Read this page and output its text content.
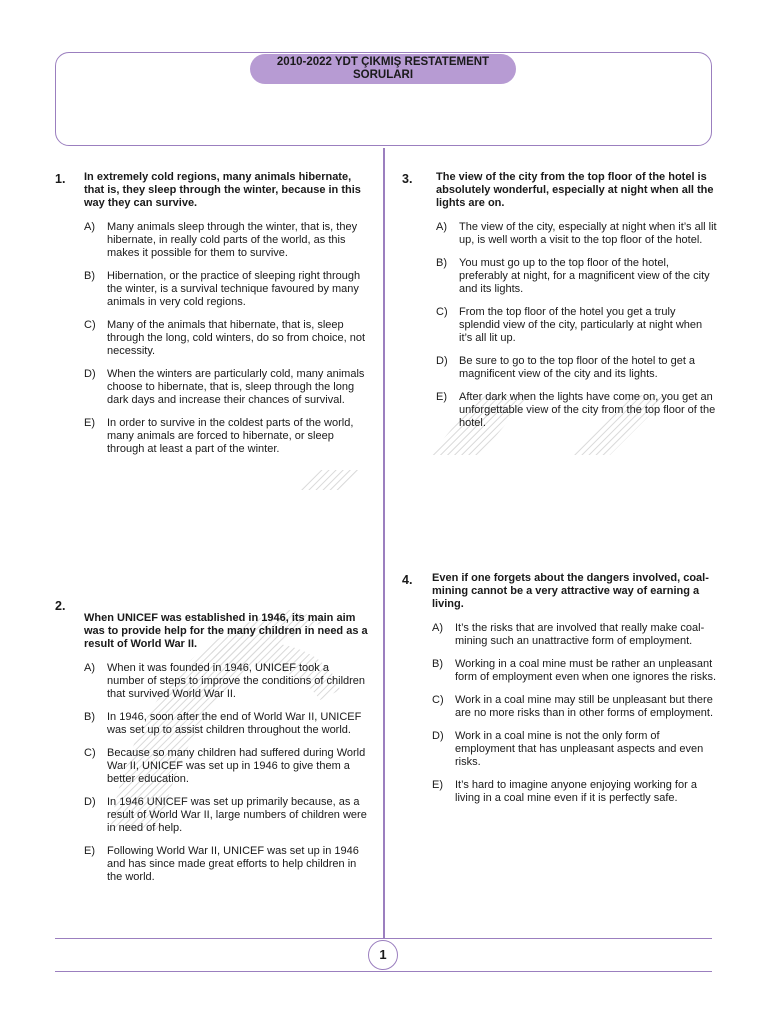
2010-2022 YDT ÇIKMIŞ RESTATEMENT
SORULARI
1
1. In extremely cold regions, many animals hibernate, that is, they sleep through the winter, because in this way they can survive.

A)	Many animals sleep through the winter, that is, they hibernate, in really cold parts of the world, as this makes it possible for them to survive.
B)	Hibernation, or the practice of sleeping right through the winter, is a survival technique favoured by many animals in very cold regions.
C)	Many of the animals that hibernate, that is, sleep through the long, cold winters, do so from choice, not necessity.
D)	When the winters are particularly cold, many animals choose to hibernate, that is, sleep through the long dark days and increase their chances of survival.
E)	In order to survive in the coldest parts of the world, many animals are forced to hibernate, or sleep through at least a part of the winter.
2.

When UNICEF was established in 1946, its main aim was to provide help for the many children in need as a result of World War II.

A)	When it was founded in 1946, UNICEF took a number of steps to improve the conditions of children that survived World War II.
B)	In 1946, soon after the end of World War II, UNICEF was set up to assist children throughout the world.
C)	Because so many children had suffered during World War II, UNICEF was set up in 1946 to give them a better education.
D)	In 1946 UNICEF was set up primarily because, as a result of World War II, large numbers of children were in need of help.
E)	Following World War II, UNICEF was set up in 1946 and has since made great efforts to help children in the world.
3. The view of the city from the top floor of the hotel is absolutely wonderful, especially at night when all the lights are on.

A)	The view of the city, especially at night when it’s all lit up, is well worth a visit to the top floor of the hotel.
B)	You must go up to the top floor of the hotel, preferably at night, for a magnificent view of the city and its lights.
C)	From the top floor of the hotel you get a truly splendid view of the city, particularly at night when it’s all lit up.
D)	Be sure to go to the top floor of the hotel to get a magnificent view of the city and its lights.
E)	After dark when the lights have come on, you get an unforgettable view of the city from the top floor of the hotel.
4. Even if one forgets about the dangers involved, coal-mining cannot be a very attractive way of earning a living.

A)	It’s the risks that are involved that really make coal-mining such an unattractive form of employment.
B)	Working in a coal mine must be rather an unpleasant form of employment even when one ignores the risks.
C)	Work in a coal mine may still be unpleasant but there are no more risks than in other forms of employment.
D)	Work in a coal mine is not the only form of employment that has unpleasant aspects and even risks.
E)	It’s hard to imagine anyone enjoying working for a living in a coal mine even if it is perfectly safe.
